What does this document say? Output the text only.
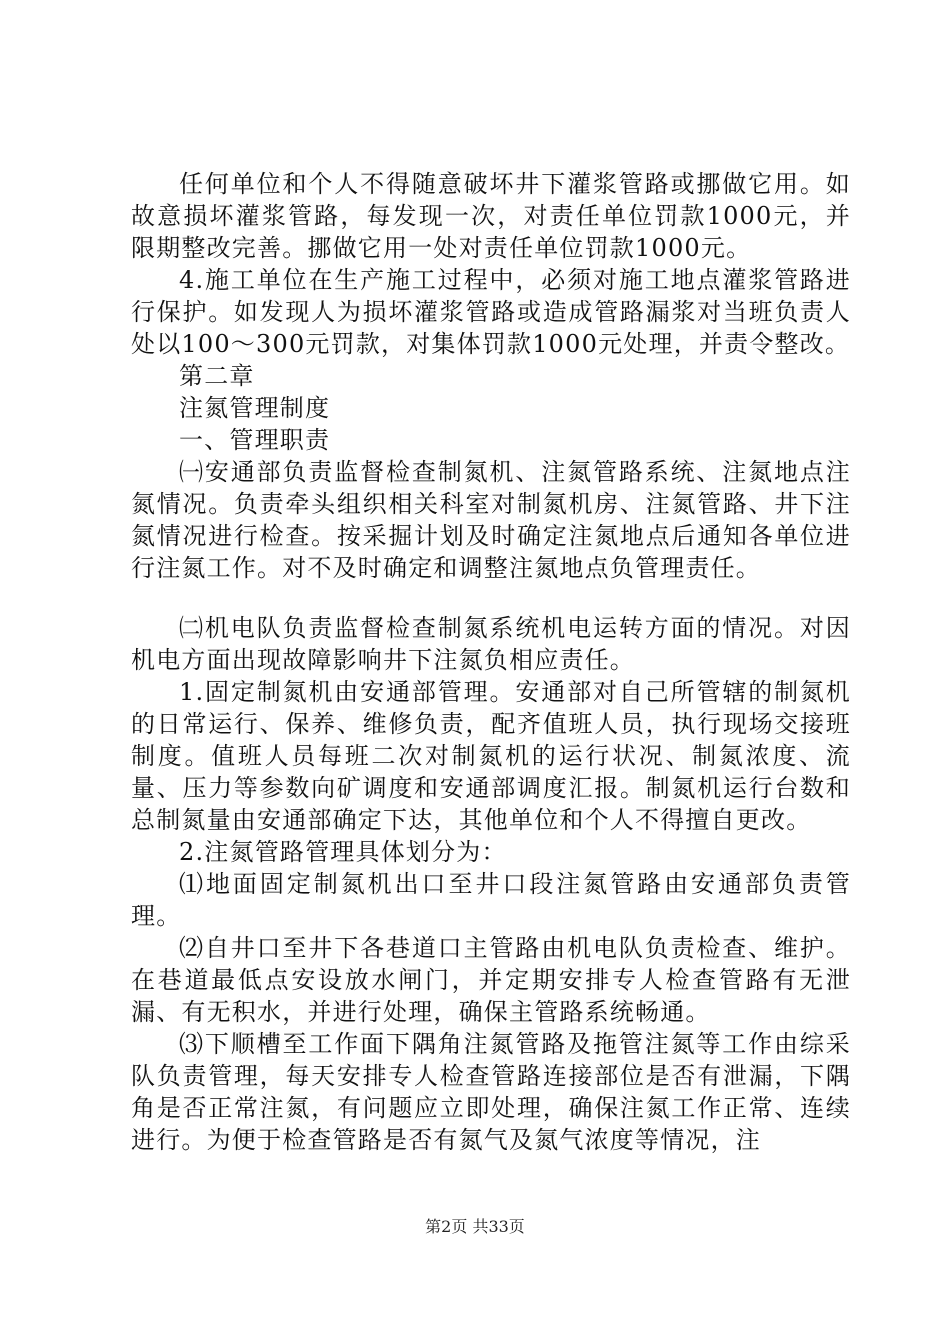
任何单位和个人不得随意破坏井下灌浆管路或挪做它用。如故意损坏灌浆管路，每发现一次，对责任单位罚款1000元，并限期整改完善。挪做它用一处对责任单位罚款1000元。

4.施工单位在生产施工过程中，必须对施工地点灌浆管路进行保护。如发现人为损坏灌浆管路或造成管路漏浆对当班负责人处以100～300元罚款，对集体罚款1000元处理，并责令整改。

第二章

注氮管理制度

一、管理职责

㈠安通部负责监督检查制氮机、注氮管路系统、注氮地点注氮情况。负责牵头组织相关科室对制氮机房、注氮管路、井下注氮情况进行检查。按采掘计划及时确定注氮地点后通知各单位进行注氮工作。对不及时确定和调整注氮地点负管理责任。

㈡机电队负责监督检查制氮系统机电运转方面的情况。对因机电方面出现故障影响井下注氮负相应责任。

1.固定制氮机由安通部管理。安通部对自己所管辖的制氮机的日常运行、保养、维修负责，配齐值班人员，执行现场交接班制度。值班人员每班二次对制氮机的运行状况、制氮浓度、流量、压力等参数向矿调度和安通部调度汇报。制氮机运行台数和总制氮量由安通部确定下达，其他单位和个人不得擅自更改。

2.注氮管路管理具体划分为：

⑴地面固定制氮机出口至井口段注氮管路由安通部负责管理。

⑵自井口至井下各巷道口主管路由机电队负责检查、维护。在巷道最低点安设放水闸门，并定期安排专人检查管路有无泄漏、有无积水，并进行处理，确保主管路系统畅通。

⑶下顺槽至工作面下隅角注氮管路及拖管注氮等工作由综采队负责管理，每天安排专人检查管路连接部位是否有泄漏，下隅角是否正常注氮，有问题应立即处理，确保注氮工作正常、连续进行。为便于检查管路是否有氮气及氮气浓度等情况，注

第2页 共33页
